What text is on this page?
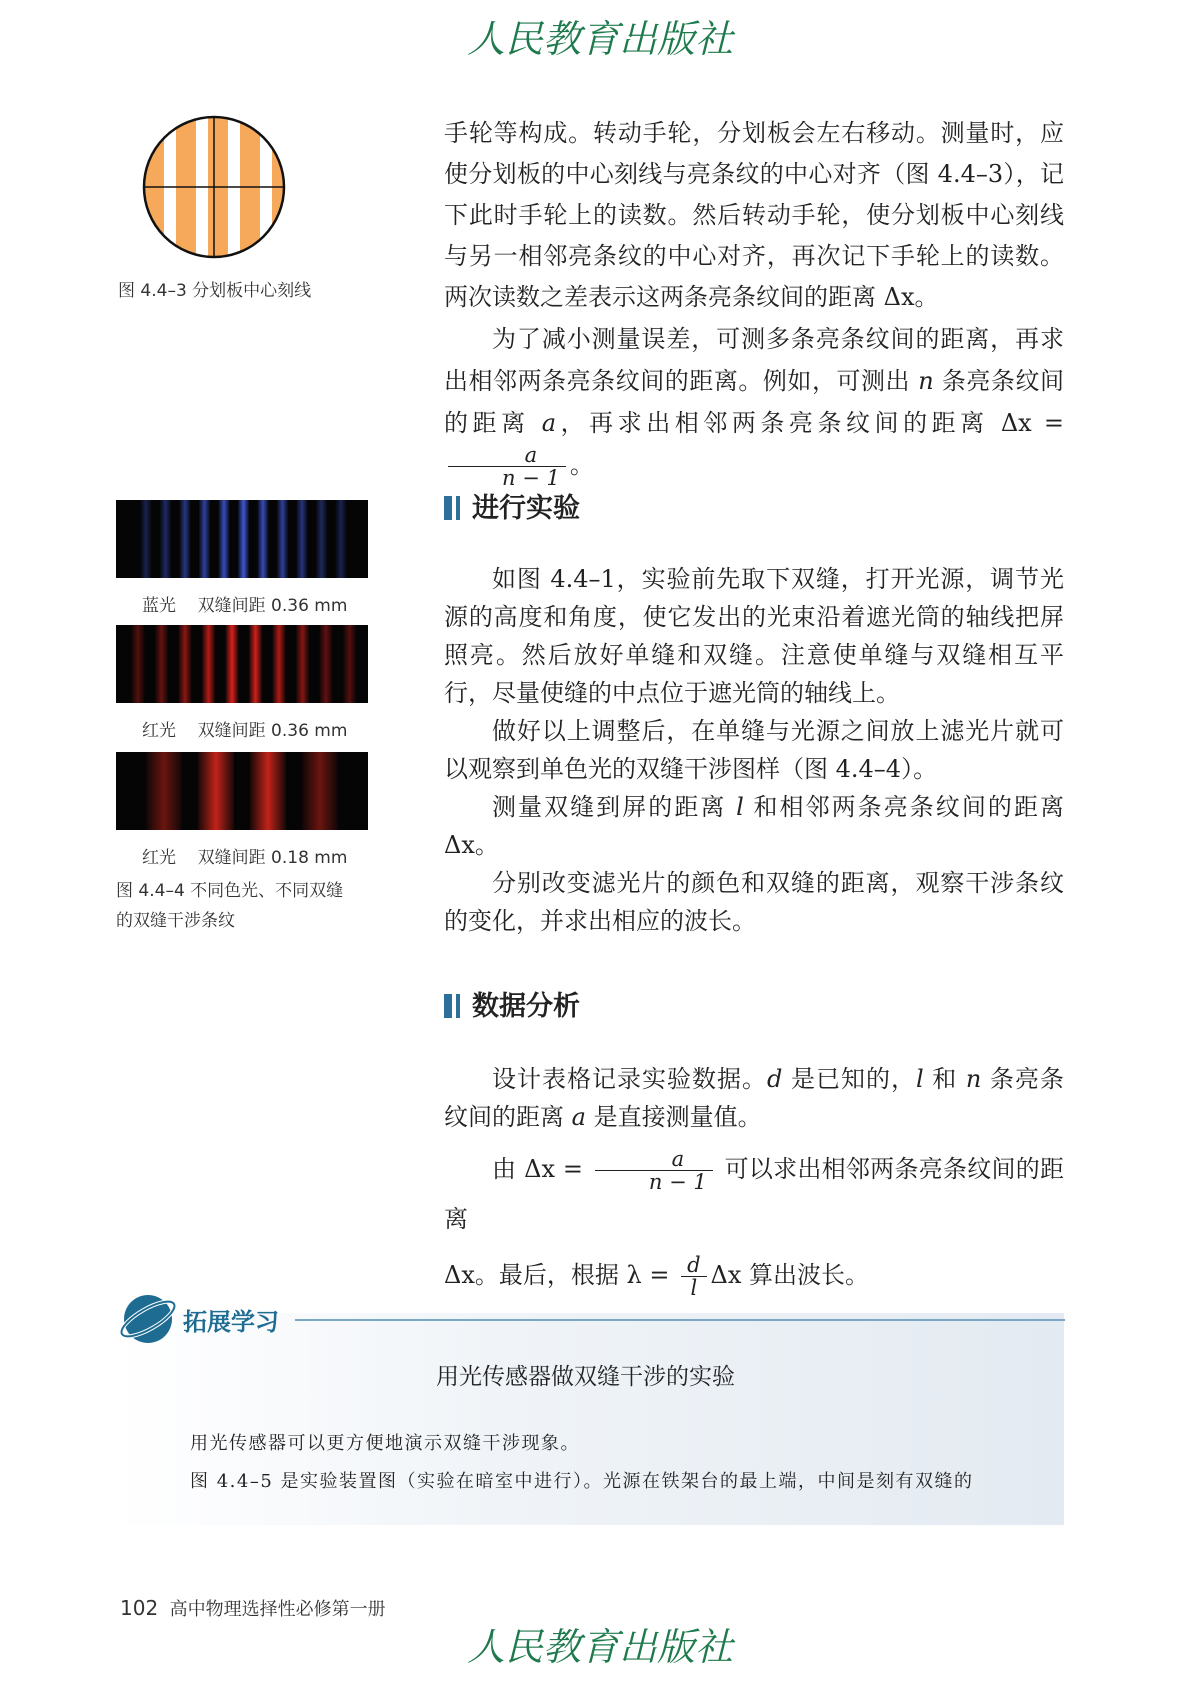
人民教育出版社
图 4.4–3 分划板中心刻线
蓝光 双缝间距 0.36 mm
红光 双缝间距 0.36 mm
红光 双缝间距 0.18 mm
图 4.4–4 不同色光、不同双缝
的双缝干涉条纹

手轮等构成。转动手轮，分划板会左右移动。测量时，应使分划板的中心刻线与亮条纹的中心对齐（图 4.4–3），记下此时手轮上的读数。然后转动手轮，使分划板中心刻线与另一相邻亮条纹的中心对齐，再次记下手轮上的读数。两次读数之差表示这两条亮条纹间的距离 Δx。

为了减小测量误差，可测多条亮条纹间的距离，再求出相邻两条亮条纹间的距离。例如，可测出 n 条亮条纹间的距离 a，再求出相邻两条亮条纹间的距离 Δx =
$\frac{a}{n - 1}$ 。

进行实验

如图 4.4–1，实验前先取下双缝，打开光源，调节光源的高度和角度，使它发出的光束沿着遮光筒的轴线把屏照亮。然后放好单缝和双缝。注意使单缝与双缝相互平行，尽量使缝的中点位于遮光筒的轴线上。

做好以上调整后，在单缝与光源之间放上滤光片就可以观察到单色光的双缝干涉图样（图 4.4–4）。

测量双缝到屏的距离 l 和相邻两条亮条纹间的距离 Δx。

分别改变滤光片的颜色和双缝的距离，观察干涉条纹的变化，并求出相应的波长。

数据分析

设计表格记录实验数据。d 是已知的，l 和 n 条亮条纹间的距离 a 是直接测量值。

由 $\Delta x = \frac{a}{n - 1}$ 可以求出相邻两条亮条纹间的距离

Δx。最后，根据 $\lambda = \frac{d}{l}$ Δx 算出波长。

拓展学习
用光传感器做双缝干涉的实验
用光传感器可以更方便地演示双缝干涉现象。
图 4.4–5 是实验装置图（实验在暗室中进行）。光源在铁架台的最上端，中间是刻有双缝的
102 高中物理选择性必修第一册
人民教育出版社
